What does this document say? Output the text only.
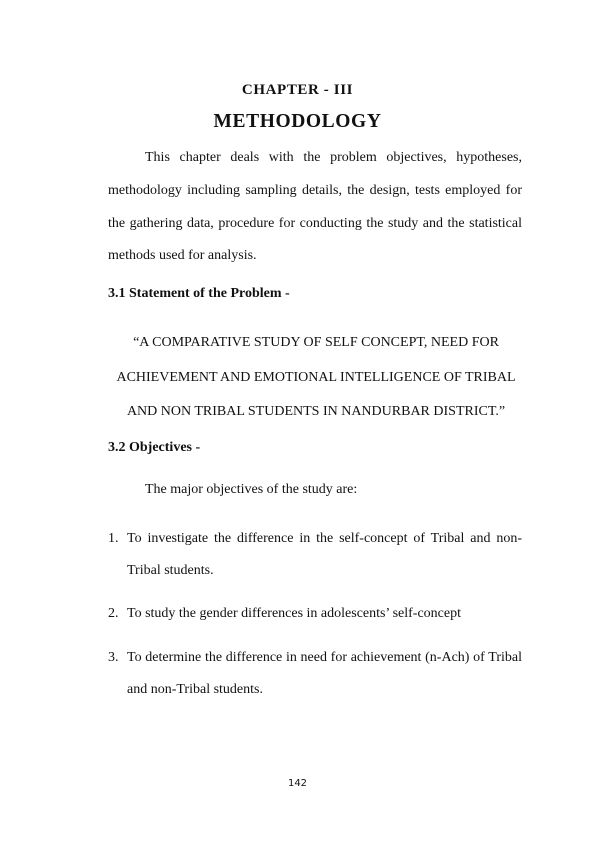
CHAPTER - III
METHODOLOGY

This chapter deals with the problem objectives, hypotheses, methodology including sampling details, the design, tests employed for the gathering data, procedure for conducting the study and the statistical methods used for analysis.

3.1 Statement of the Problem -
“A COMPARATIVE STUDY OF SELF CONCEPT, NEED FOR
ACHIEVEMENT AND EMOTIONAL INTELLIGENCE OF TRIBAL
AND NON TRIBAL STUDENTS IN NANDURBAR DISTRICT.”
3.2 Objectives -
The major objectives of the study are:
1. To investigate the difference in the self-concept of Tribal and non-Tribal students.
2. To study the gender differences in adolescents’ self-concept
3. To determine the difference in need for achievement (n-Ach) of Tribal and non-Tribal students.
142
